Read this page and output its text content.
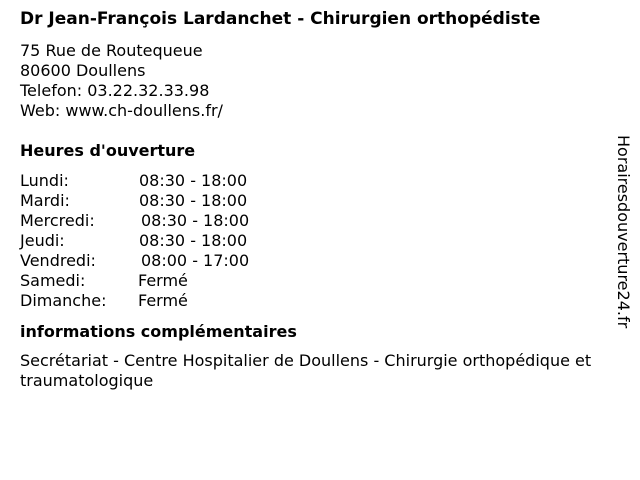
Dr Jean-François Lardanchet - Chirurgien orthopédiste
75 Rue de Routequeue
80600 Doullens
Telefon: 03.22.32.33.98
Web: www.ch-doullens.fr/
Heures d'ouverture
Lundi:	08:30 - 18:00
Mardi:	08:30 - 18:00
Mercredi:	08:30 - 18:00
Jeudi:	08:30 - 18:00
Vendredi:	08:00 - 17:00
Samedi:	Fermé
Dimanche:	Fermé
informations complémentaires
Secrétariat - Centre Hospitalier de Doullens - Chirurgie orthopédique et traumatologique
Horairesdouverture24.fr
